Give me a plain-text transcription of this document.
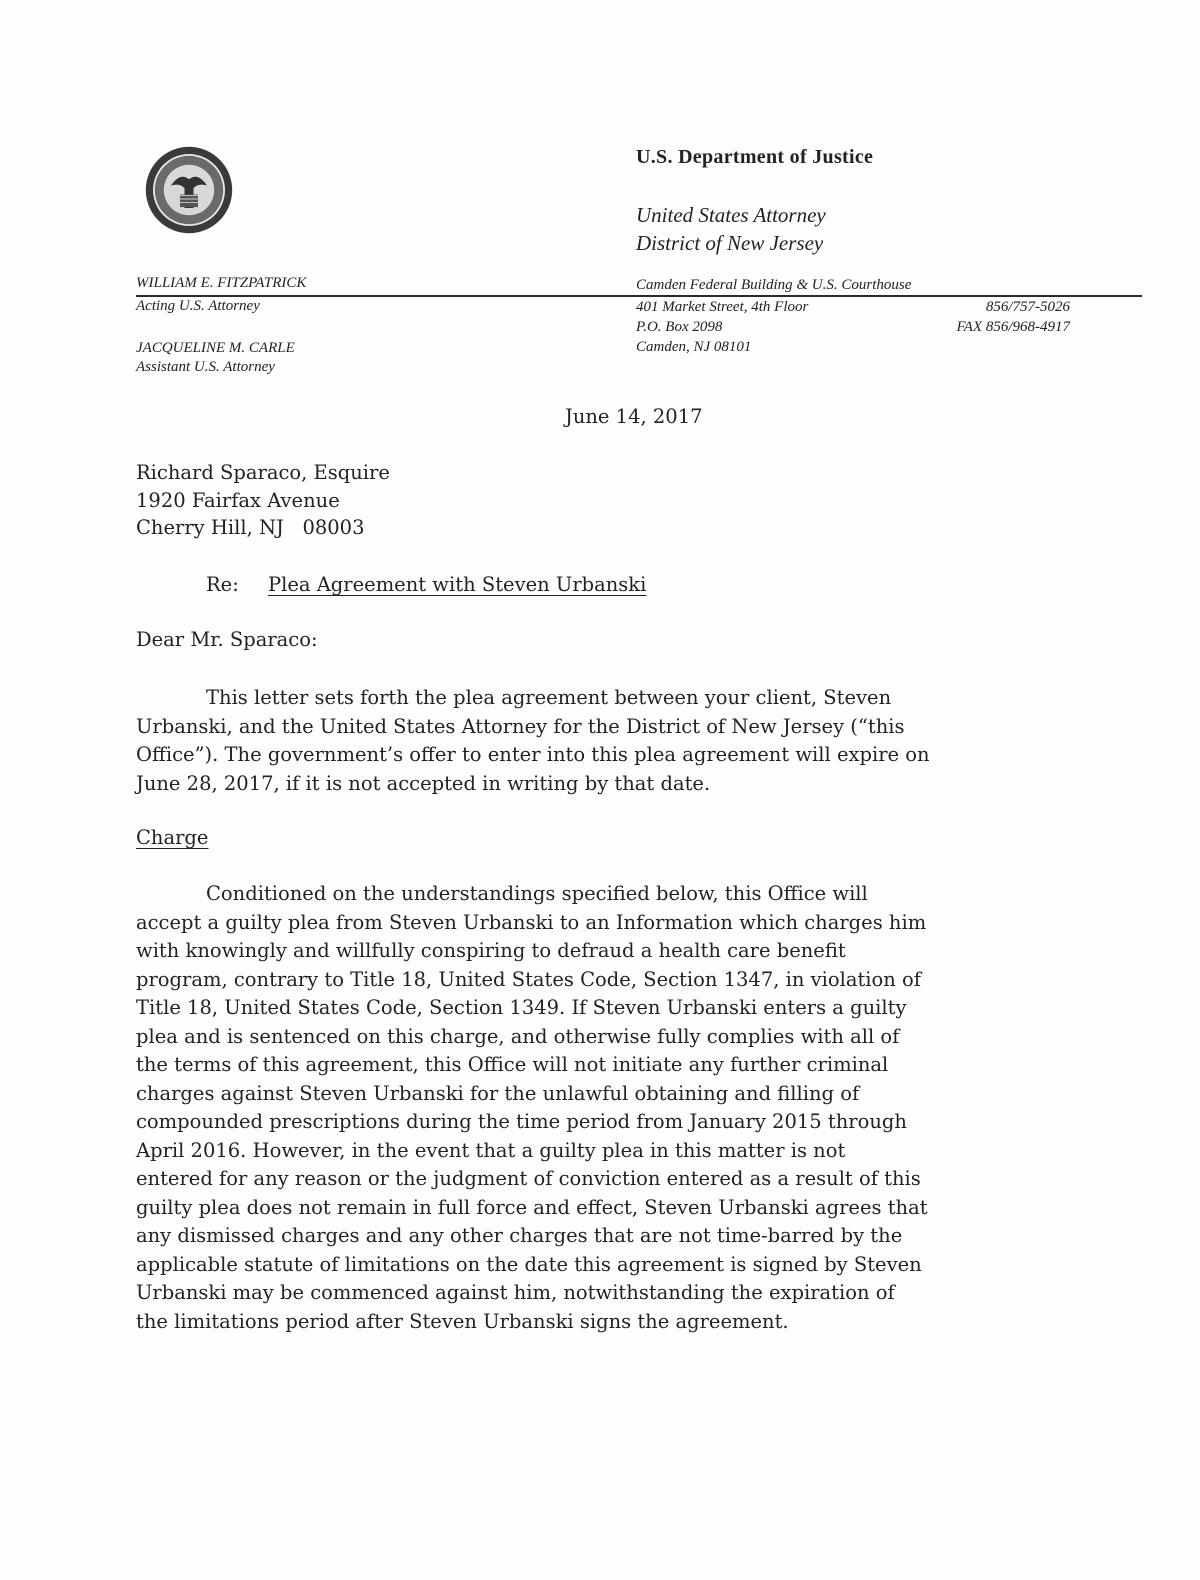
U.S. Department of Justice
United States Attorney
District of New Jersey
WILLIAM E. FITZPATRICK
Acting U.S. Attorney
JACQUELINE M. CARLE
Assistant U.S. Attorney
Camden Federal Building & U.S. Courthouse
401 Market Street, 4th Floor
P.O. Box 2098
Camden, NJ 08101
856/757-5026
FAX 856/968-4917
June 14, 2017
Richard Sparaco, Esquire
1920 Fairfax Avenue
Cherry Hill, NJ   08003
Re: Plea Agreement with Steven Urbanski
Dear Mr. Sparaco:
This letter sets forth the plea agreement between your client, Steven
Urbanski, and the United States Attorney for the District of New Jersey (“this
Office”). The government’s offer to enter into this plea agreement will expire on
June 28, 2017, if it is not accepted in writing by that date.
Charge
Conditioned on the understandings specified below, this Office will
accept a guilty plea from Steven Urbanski to an Information which charges him
with knowingly and willfully conspiring to defraud a health care benefit
program, contrary to Title 18, United States Code, Section 1347, in violation of
Title 18, United States Code, Section 1349. If Steven Urbanski enters a guilty
plea and is sentenced on this charge, and otherwise fully complies with all of
the terms of this agreement, this Office will not initiate any further criminal
charges against Steven Urbanski for the unlawful obtaining and filling of
compounded prescriptions during the time period from January 2015 through
April 2016. However, in the event that a guilty plea in this matter is not
entered for any reason or the judgment of conviction entered as a result of this
guilty plea does not remain in full force and effect, Steven Urbanski agrees that
any dismissed charges and any other charges that are not time-barred by the
applicable statute of limitations on the date this agreement is signed by Steven
Urbanski may be commenced against him, notwithstanding the expiration of
the limitations period after Steven Urbanski signs the agreement.
